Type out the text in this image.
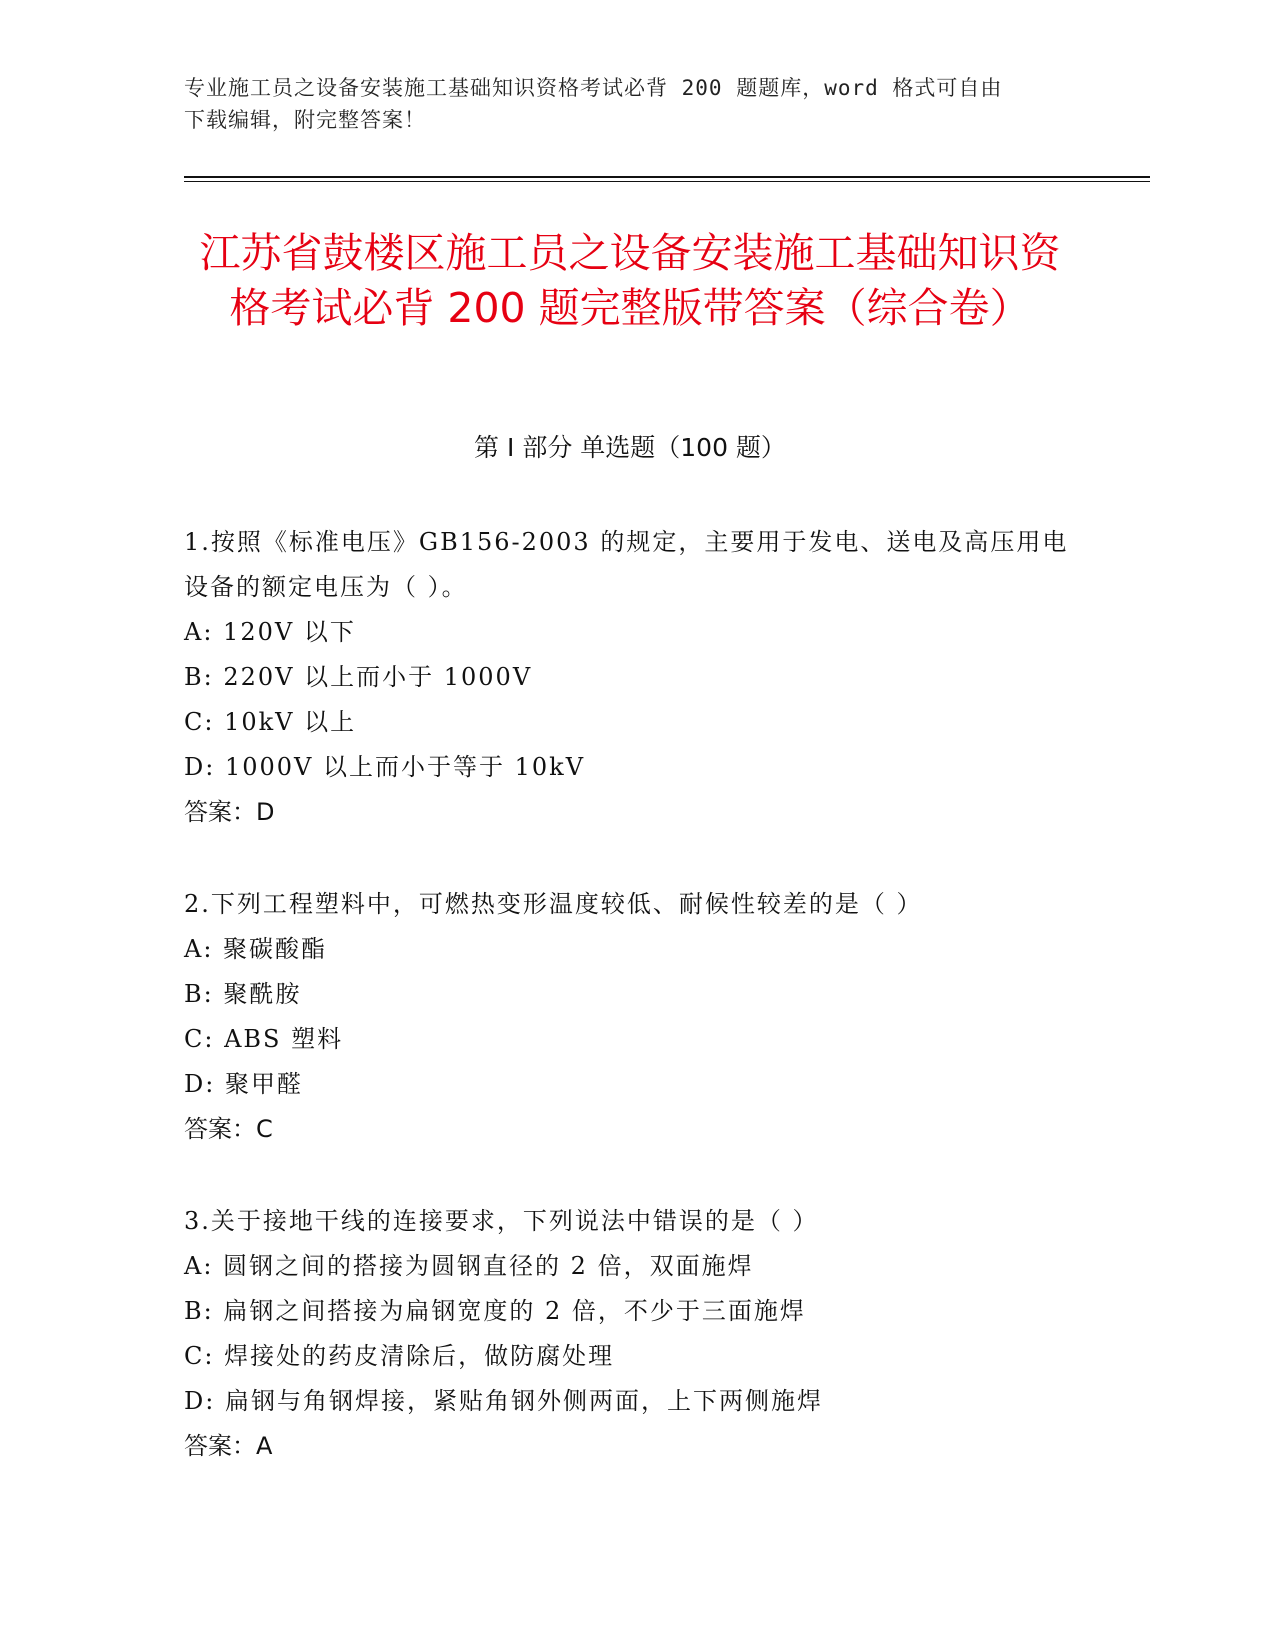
专业施工员之设备安装施工基础知识资格考试必背 200 题题库，word 格式可自由
下载编辑，附完整答案！
江苏省鼓楼区施工员之设备安装施工基础知识资格考试必背 200 题完整版带答案（综合卷）
第 I 部分 单选题（100 题）

1.按照《标准电压》GB156-2003 的规定，主要用于发电、送电及高压用电设备的额定电压为（ ）。

A: 120V 以下

B: 220V 以上而小于 1000V

C: 10kV 以上

D: 1000V 以上而小于等于 10kV

答案：D

2.下列工程塑料中，可燃热变形温度较低、耐候性较差的是（ ）

A: 聚碳酸酯

B: 聚酰胺

C: ABS 塑料

D: 聚甲醛

答案：C

3.关于接地干线的连接要求，下列说法中错误的是（ ）

A: 圆钢之间的搭接为圆钢直径的 2 倍，双面施焊

B: 扁钢之间搭接为扁钢宽度的 2 倍，不少于三面施焊

C: 焊接处的药皮清除后，做防腐处理

D: 扁钢与角钢焊接，紧贴角钢外侧两面，上下两侧施焊

答案：A
